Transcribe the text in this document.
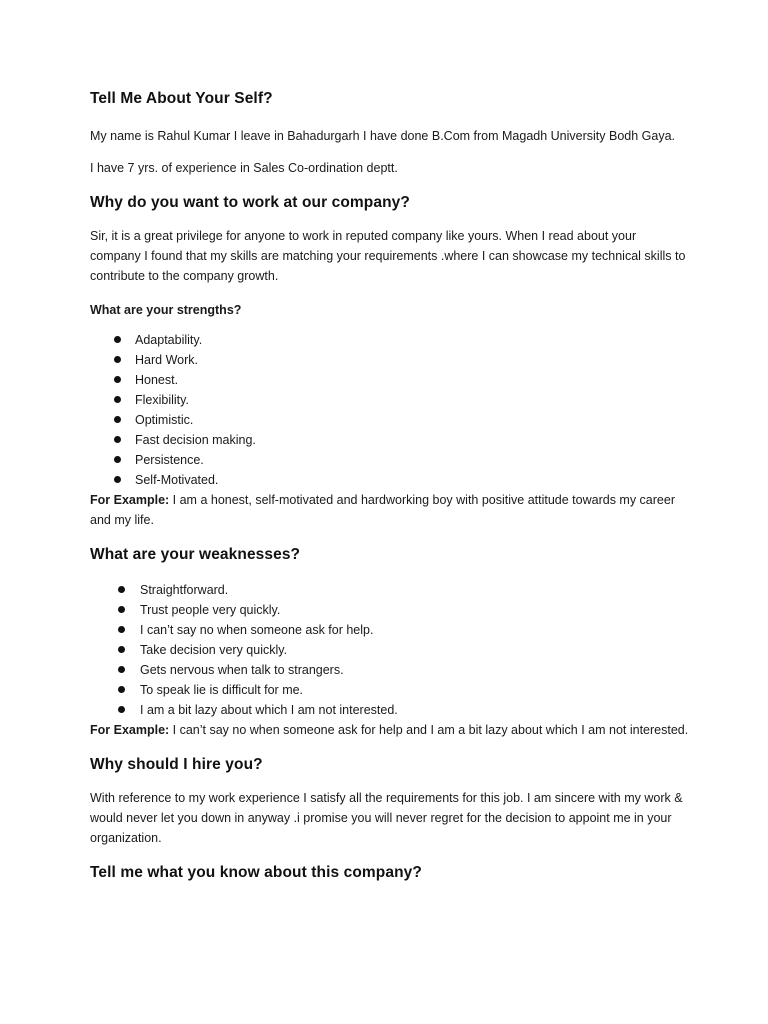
Tell Me About Your Self?

My name is Rahul Kumar I leave in Bahadurgarh I have done B.Com from Magadh University Bodh Gaya.

I have 7 yrs. of experience in Sales Co-ordination deptt.

Why do you want to work at our company?

Sir, it is a great privilege for anyone to work in reputed company like yours. When I read about your company I found that my skills are matching your requirements .where I can showcase my technical skills to contribute to the company growth.

What are your strengths?

Adaptability.
Hard Work.
Honest.
Flexibility.
Optimistic.
Fast decision making.
Persistence.
Self-Motivated.

For Example: I am a honest, self-motivated and hardworking boy with positive attitude towards my career and my life.

What are your weaknesses?
Straightforward.
Trust people very quickly.
I can’t say no when someone ask for help.
Take decision very quickly.
Gets nervous when talk to strangers.
To speak lie is difficult for me.
I am a bit lazy about which I am not interested.

For Example: I can’t say no when someone ask for help and I am a bit lazy about which I am not interested.

Why should I hire you?

With reference to my work experience I satisfy all the requirements for this job. I am sincere with my work & would never let you down in anyway .i promise you will never regret for the decision to appoint me in your organization.

Tell me what you know about this company?
